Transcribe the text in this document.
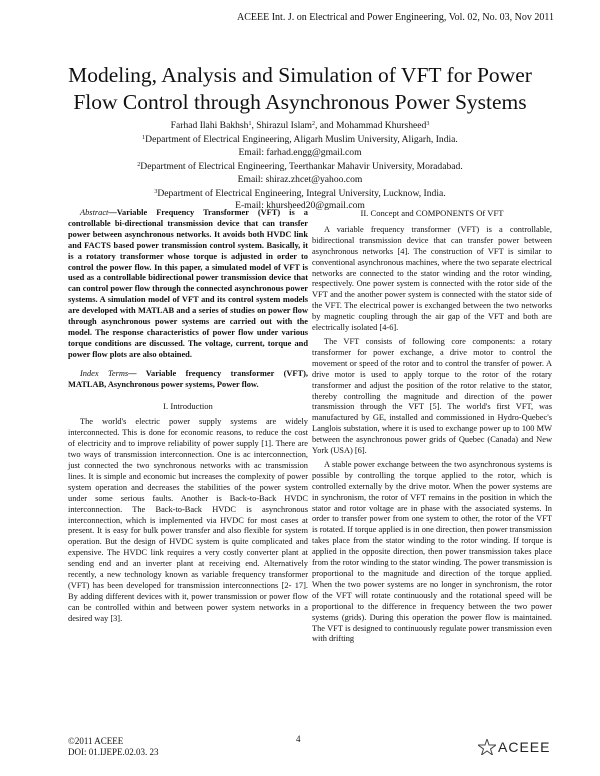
ACEEE Int. J. on Electrical and Power Engineering, Vol. 02, No. 03, Nov 2011
Modeling, Analysis and Simulation of VFT for Power
Flow Control through Asynchronous Power Systems
Farhad Ilahi Bakhsh$^1$, Shirazul Islam$^2$, and Mohammad Khursheed$^3$
$^1$Department of Electrical Engineering, Aligarh Muslim University, Aligarh, India.
Email: farhad.engg@gmail.com
$^2$Department of Electrical Engineering, Teerthankar Mahavir University, Moradabad.
Email: shiraz.zhcet@yahoo.com
$^3$Department of Electrical Engineering, Integral University, Lucknow, India.
E-mail: khursheed20@gmail.com

Abstract—Variable Frequency Transformer (VFT) is a controllable bi-directional transmission device that can transfer power between asynchronous networks. It avoids both HVDC link and FACTS based power transmission control system. Basically, it is a rotatory transformer whose torque is adjusted in order to control the power flow. In this paper, a simulated model of VFT is used as a controllable bidirectional power transmission device that can control power flow through the connected asynchronous power systems. A simulation model of VFT and its control system models are developed with MATLAB and a series of studies on power flow through asynchronous power systems are carried out with the model. The response characteristics of power flow under various torque conditions are discussed. The voltage, current, torque and power flow plots are also obtained.

Index Terms— Variable frequency transformer (VFT), MATLAB, Asynchronous power systems, Power flow.

I. Introduction

The world's electric power supply systems are widely interconnected. This is done for economic reasons, to reduce the cost of electricity and to improve reliability of power supply [1]. There are two ways of transmission interconnection. One is ac interconnection, just connected the two synchronous networks with ac transmission lines. It is simple and economic but increases the complexity of power system operation and decreases the stabilities of the power system under some serious faults. Another is Back-to-Back HVDC interconnection. The Back-to-Back HVDC is asynchronous interconnection, which is implemented via HVDC for most cases at present. It is easy for bulk power transfer and also flexible for system operation. But the design of HVDC system is quite complicated and expensive. The HVDC link requires a very costly converter plant at sending end and an inverter plant at receiving end. Alternatively recently, a new technology known as variable frequency transformer (VFT) has been developed for transmission interconnections [2- 17]. By adding different devices with it, power transmission or power flow can be controlled within and between power system networks in a desired way [3].

II. Concept and COMPONENTS Of VFT

A variable frequency transformer (VFT) is a controllable, bidirectional transmission device that can transfer power between asynchronous networks [4]. The construction of VFT is similar to conventional asynchronous machines, where the two separate electrical networks are connected to the stator winding and the rotor winding, respectively. One power system is connected with the rotor side of the VFT and the another power system is connected with the stator side of the VFT. The electrical power is exchanged between the two networks by magnetic coupling through the air gap of the VFT and both are electrically isolated [4-6].

The VFT consists of following core components: a rotary transformer for power exchange, a drive motor to control the movement or speed of the rotor and to control the transfer of power. A drive motor is used to apply torque to the rotor of the rotary transformer and adjust the position of the rotor relative to the stator, thereby controlling the magnitude and direction of the power transmission through the VFT [5]. The world's first VFT, was manufactured by GE, installed and commissioned in Hydro-Quebec's Langlois substation, where it is used to exchange power up to 100 MW between the asynchronous power grids of Quebec (Canada) and New York (USA) [6].

A stable power exchange between the two asynchronous systems is possible by controlling the torque applied to the rotor, which is controlled externally by the drive motor. When the power systems are in synchronism, the rotor of VFT remains in the position in which the stator and rotor voltage are in phase with the associated systems. In order to transfer power from one system to other, the rotor of the VFT is rotated. If torque applied is in one direction, then power transmission takes place from the stator winding to the rotor winding. If torque is applied in the opposite direction, then power transmission takes place from the rotor winding to the stator winding. The power transmission is proportional to the magnitude and direction of the torque applied. When the two power systems are no longer in synchronism, the rotor of the VFT will rotate continuously and the rotational speed will be proportional to the difference in frequency between the two power systems (grids). During this operation the power flow is maintained. The VFT is designed to continuously regulate power transmission even with drifting

©2011 ACEEE
DOI: 01.IJEPE.02.03. 23
4	ACEEE
